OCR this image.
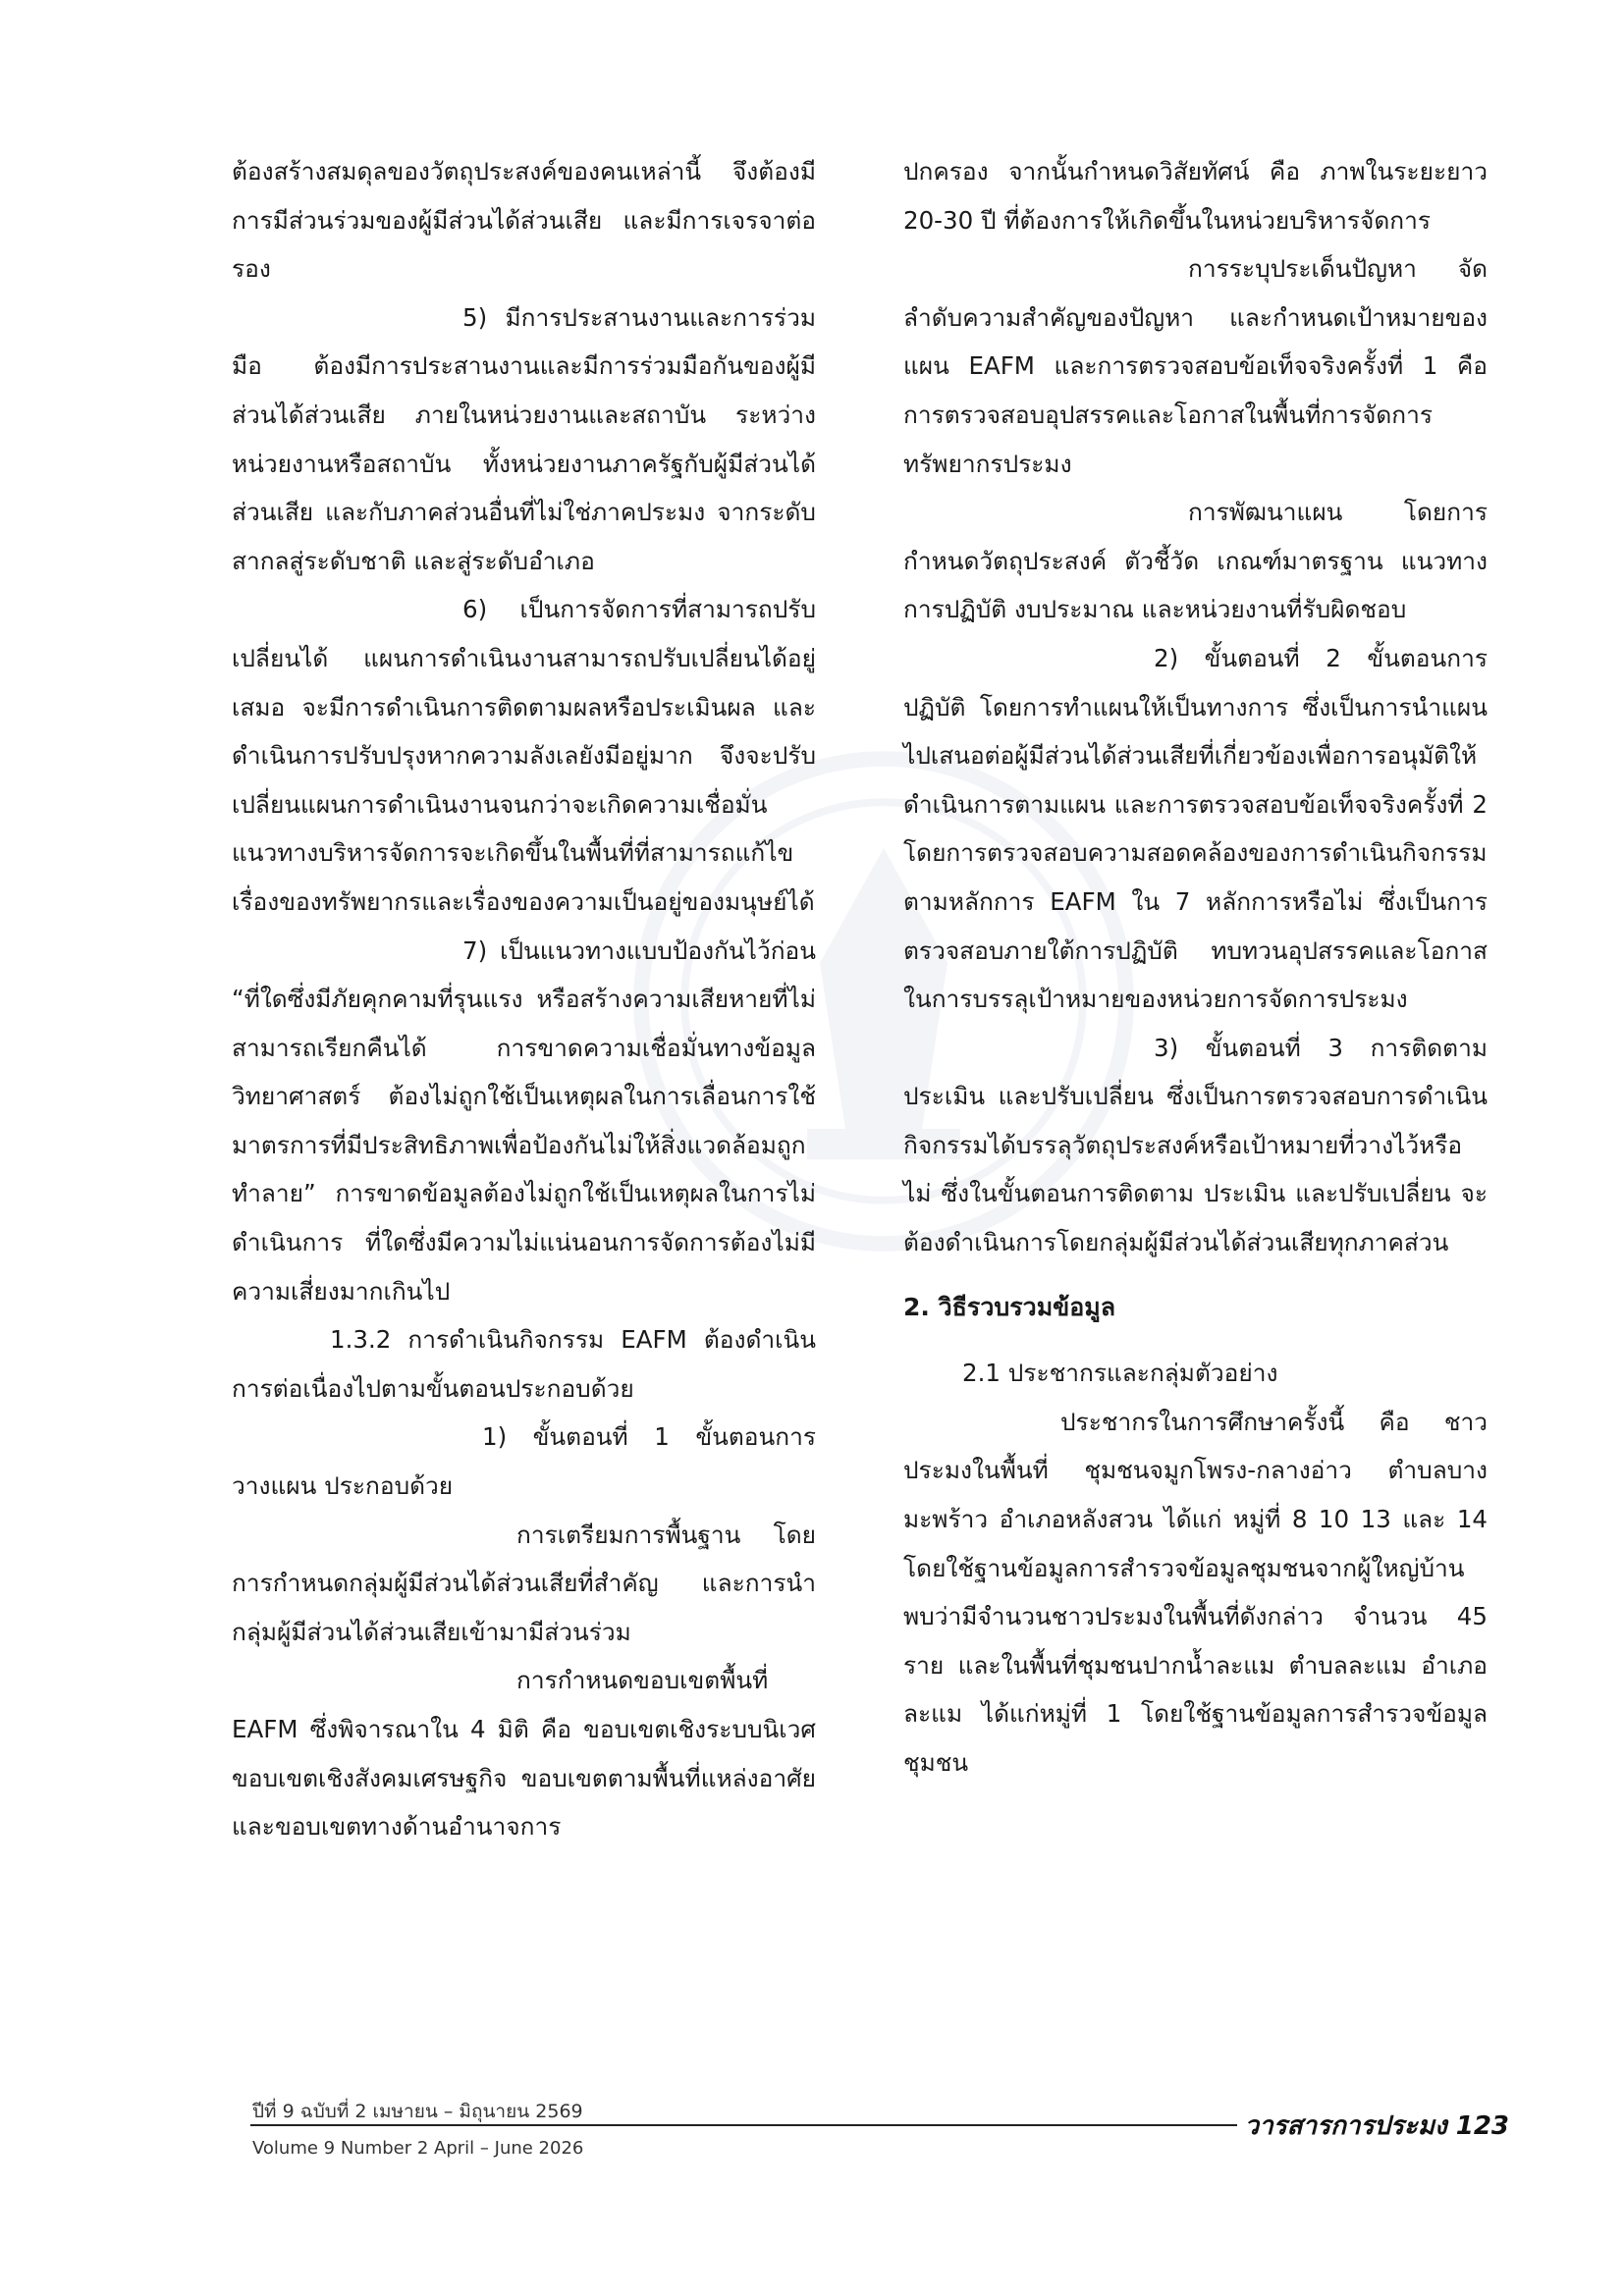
ต้องสร้างสมดุลของวัตถุประสงค์ของคนเหล่านี้ จึงต้องมีการมีส่วนร่วมของผู้มีส่วนได้ส่วนเสีย และมีการเจรจาต่อรอง

5) มีการประสานงานและการร่วมมือ ต้องมีการประสานงานและมีการร่วมมือกันของผู้มีส่วนได้ส่วนเสีย ภายในหน่วยงานและสถาบัน ระหว่างหน่วยงานหรือสถาบัน ทั้งหน่วยงานภาครัฐกับผู้มีส่วนได้ส่วนเสีย และกับภาคส่วนอื่นที่ไม่ใช่ภาคประมง จากระดับสากลสู่ระดับชาติ และสู่ระดับอำเภอ

6) เป็นการจัดการที่สามารถปรับเปลี่ยนได้ แผนการดำเนินงานสามารถปรับเปลี่ยนได้อยู่เสมอ จะมีการดำเนินการติดตามผลหรือประเมินผล และดำเนินการปรับปรุงหากความลังเลยังมีอยู่มาก จึงจะปรับเปลี่ยนแผนการดำเนินงานจนกว่าจะเกิดความเชื่อมั่นแนวทางบริหารจัดการจะเกิดขึ้นในพื้นที่ที่สามารถแก้ไขเรื่องของทรัพยากรและเรื่องของความเป็นอยู่ของมนุษย์ได้

7) เป็นแนวทางแบบป้องกันไว้ก่อน “ที่ใดซึ่งมีภัยคุกคามที่รุนแรง หรือสร้างความเสียหายที่ไม่สามารถเรียกคืนได้ การขาดความเชื่อมั่นทางข้อมูลวิทยาศาสตร์ ต้องไม่ถูกใช้เป็นเหตุผลในการเลื่อนการใช้มาตรการที่มีประสิทธิภาพเพื่อป้องกันไม่ให้สิ่งแวดล้อมถูกทำลาย” การขาดข้อมูลต้องไม่ถูกใช้เป็นเหตุผลในการไม่ดำเนินการ ที่ใดซึ่งมีความไม่แน่นอนการจัดการต้องไม่มีความเสี่ยงมากเกินไป

1.3.2 การดำเนินกิจกรรม EAFM ต้องดำเนินการต่อเนื่องไปตามขั้นตอนประกอบด้วย

1) ขั้นตอนที่ 1 ขั้นตอนการวางแผน ประกอบด้วย

การเตรียมการพื้นฐาน โดยการกำหนดกลุ่มผู้มีส่วนได้ส่วนเสียที่สำคัญ และการนำกลุ่มผู้มีส่วนได้ส่วนเสียเข้ามามีส่วนร่วม

การกำหนดขอบเขตพื้นที่ EAFM ซึ่งพิจารณาใน 4 มิติ คือ ขอบเขตเชิงระบบนิเวศ ขอบเขตเชิงสังคมเศรษฐกิจ ขอบเขตตามพื้นที่แหล่งอาศัย และขอบเขตทางด้านอำนาจการ

ปกครอง จากนั้นกำหนดวิสัยทัศน์ คือ ภาพในระยะยาว 20-30 ปี ที่ต้องการให้เกิดขึ้นในหน่วยบริหารจัดการ

การระบุประเด็นปัญหา จัดลำดับความสำคัญของปัญหา และกำหนดเป้าหมายของแผน EAFM และการตรวจสอบข้อเท็จจริงครั้งที่ 1 คือ การตรวจสอบอุปสรรคและโอกาสในพื้นที่การจัดการทรัพยากรประมง

การพัฒนาแผน โดยการกำหนดวัตถุประสงค์ ตัวชี้วัด เกณฑ์มาตรฐาน แนวทางการปฏิบัติ งบประมาณ และหน่วยงานที่รับผิดชอบ

2) ขั้นตอนที่ 2 ขั้นตอนการปฏิบัติ โดยการทำแผนให้เป็นทางการ ซึ่งเป็นการนำแผนไปเสนอต่อผู้มีส่วนได้ส่วนเสียที่เกี่ยวข้องเพื่อการอนุมัติให้ดำเนินการตามแผน และการตรวจสอบข้อเท็จจริงครั้งที่ 2 โดยการตรวจสอบความสอดคล้องของการดำเนินกิจกรรมตามหลักการ EAFM ใน 7 หลักการหรือไม่ ซึ่งเป็นการตรวจสอบภายใต้การปฏิบัติ ทบทวนอุปสรรคและโอกาสในการบรรลุเป้าหมายของหน่วยการจัดการประมง

3) ขั้นตอนที่ 3 การติดตาม ประเมิน และปรับเปลี่ยน ซึ่งเป็นการตรวจสอบการดำเนินกิจกรรมได้บรรลุวัตถุประสงค์หรือเป้าหมายที่วางไว้หรือไม่ ซึ่งในขั้นตอนการติดตาม ประเมิน และปรับเปลี่ยน จะต้องดำเนินการโดยกลุ่มผู้มีส่วนได้ส่วนเสียทุกภาคส่วน

2. วิธีรวบรวมข้อมูล

2.1 ประชากรและกลุ่มตัวอย่าง

ประชากรในการศึกษาครั้งนี้ คือ ชาวประมงในพื้นที่ ชุมชนจมูกโพรง-กลางอ่าว ตำบลบางมะพร้าว อำเภอหลังสวน ได้แก่ หมู่ที่ 8 10 13 และ 14 โดยใช้ฐานข้อมูลการสำรวจข้อมูลชุมชนจากผู้ใหญ่บ้าน พบว่ามีจำนวนชาวประมงในพื้นที่ดังกล่าว จำนวน 45 ราย และในพื้นที่ชุมชนปากน้ำละแม ตำบลละแม อำเภอละแม ได้แก่หมู่ที่ 1 โดยใช้ฐานข้อมูลการสำรวจข้อมูลชุมชน

ปีที่ 9 ฉบับที่ 2 เมษายน – มิถุนายน 2569	วารสารการประมง 123
Volume 9 Number 2 April – June 2026
